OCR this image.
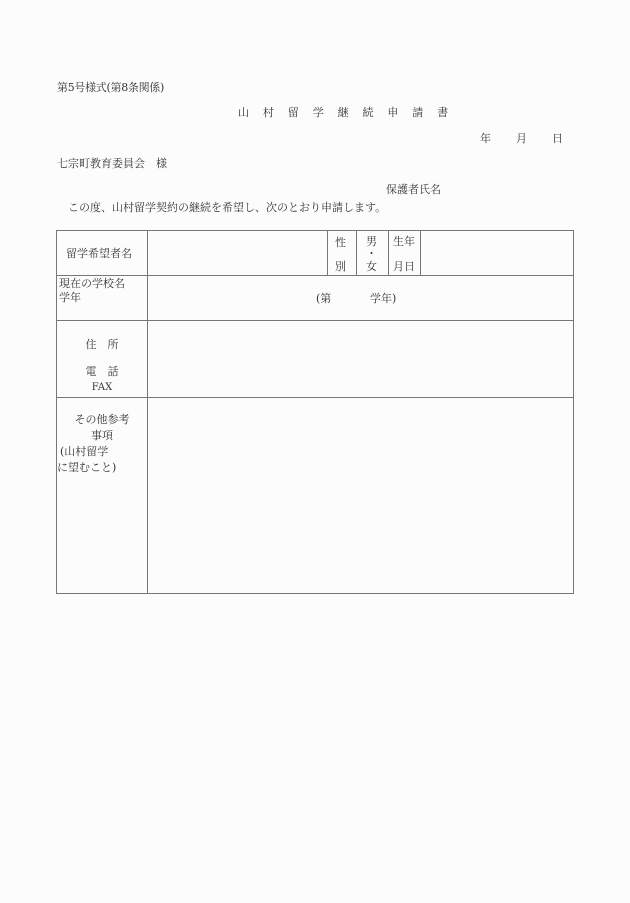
第5号様式(第8条関係)
山 村 留 学 継 続 申 請 書
年 月 日
七宗町教育委員会　様
保護者氏名
この度、山村留学契約の継続を希望し、次のとおり申請します。
留学希望者名
性
別
男
・
女
生年
月日
現在の学校名
学年	(第	学年)
住　所
電　話
FAX
その他参考
事項
(山村留学
に望むこと)
